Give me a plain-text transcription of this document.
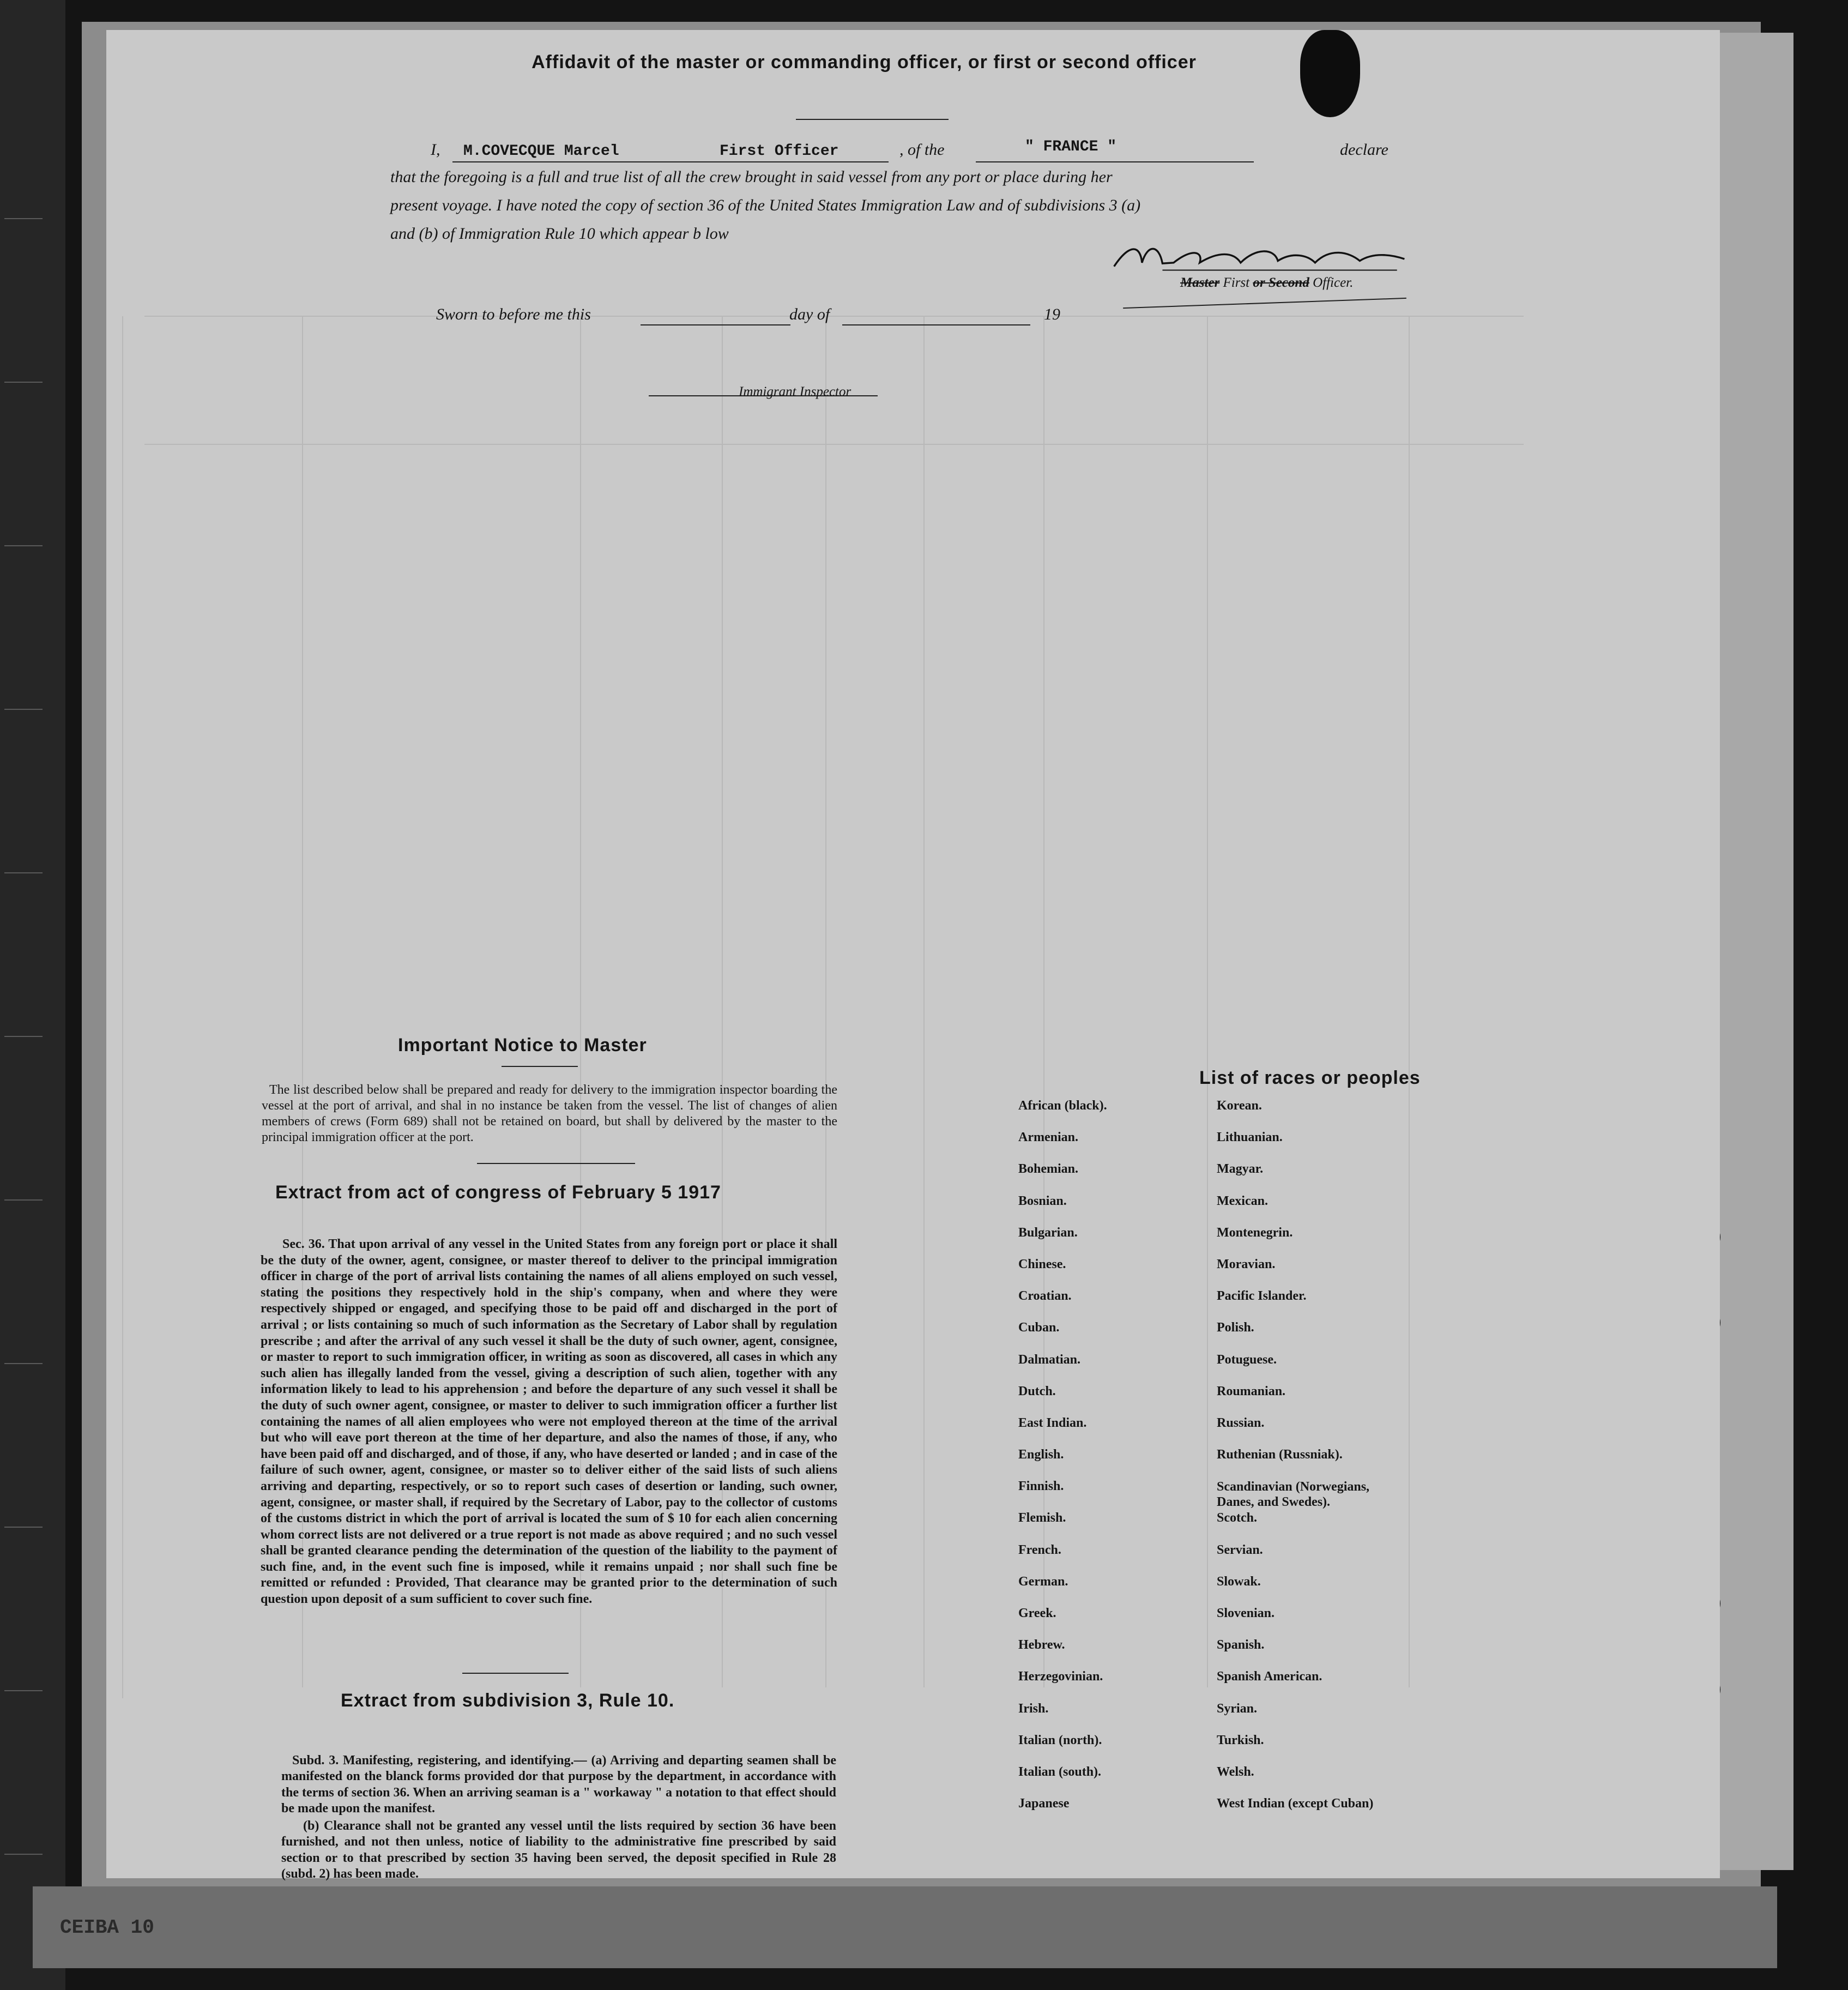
CEIBA 10
Affidavit of the master or commanding officer, or first or second officer
I, M.COVECQUE Marcel	First Officer	, of the	" FRANCE "	declare
that the foregoing is a full and true list of all the crew brought in said vessel from any port or place during her
present voyage. I have noted the copy of section 36 of the United States Immigration Law and of subdivisions 3 (a)
and (b) of Immigration Rule 10 which appear b low
Master First or Second Officer.
Sworn to before me this	day of	19
Immigrant Inspector
Important Notice to Master
The list described below shall be prepared and ready for delivery to the immigration inspector boarding the vessel at the port of arrival, and shal in no instance be taken from the vessel. The list of changes of alien members of crews (Form 689) shall not be retained on board, but shall by delivered by the master to the principal immigration officer at the port.
Extract from act of congress of February 5 1917
Sec. 36. That upon arrival of any vessel in the United States from any foreign port or place it shall be the duty of the owner, agent, consignee, or master thereof to deliver to the principal immigration officer in charge of the port of arrival lists containing the names of all aliens employed on such vessel, stating the positions they respectively hold in the ship's company, when and where they were respectively shipped or engaged, and specifying those to be paid off and discharged in the port of arrival ; or lists containing so much of such information as the Secretary of Labor shall by regulation prescribe ; and after the arrival of any such vessel it shall be the duty of such owner, agent, consignee, or master to report to such immigration officer, in writing as soon as discovered, all cases in which any such alien has illegally landed from the vessel, giving a description of such alien, together with any information likely to lead to his apprehension ; and before the departure of any such vessel it shall be the duty of such owner agent, consignee, or master to deliver to such immigration officer a further list containing the names of all alien employees who were not employed thereon at the time of the arrival but who will eave port thereon at the time of her departure, and also the names of those, if any, who have been paid off and discharged, and of those, if any, who have deserted or landed ; and in case of the failure of such owner, agent, consignee, or master so to deliver either of the said lists of such aliens arriving and departing, respectively, or so to report such cases of desertion or landing, such owner, agent, consignee, or master shall, if required by the Secretary of Labor, pay to the collector of customs of the customs district in which the port of arrival is located the sum of $ 10 for each alien concerning whom correct lists are not delivered or a true report is not made as above required ; and no such vessel shall be granted clearance pending the determination of the question of the liability to the payment of such fine, and, in the event such fine is imposed, while it remains unpaid ; nor shall such fine be remitted or refunded : Provided, That clearance may be granted prior to the determination of such question upon deposit of a sum sufficient to cover such fine.
Extract from subdivision 3, Rule 10.
Subd. 3. Manifesting, registering, and identifying.— (a) Arriving and departing seamen shall be manifested on the blanck forms provided dor that purpose by the department, in accordance with the terms of section 36. When an arriving seaman is a " workaway " a notation to that effect should be made upon the manifest.
(b) Clearance shall not be granted any vessel until the lists required by section 36 have been furnished, and not then unless, notice of liability to the administrative fine prescribed by said section or to that prescribed by section 35 having been served, the deposit specified in Rule 28 (subd. 2) has been made.
List of races or peoples
African (black).	Korean.
Armenian.	Lithuanian.
Bohemian.	Magyar.
Bosnian.	Mexican.
Bulgarian.	Montenegrin.
Chinese.	Moravian.
Croatian.	Pacific Islander.
Cuban.	Polish.
Dalmatian.	Potuguese.
Dutch.	Roumanian.
East Indian.	Russian.
English.	Ruthenian (Russniak).
Finnish.	Scandinavian (Norwegians, Danes, and Swedes).
Flemish.	Scotch.
French.	Servian.
German.	Slowak.
Greek.	Slovenian.
Hebrew.	Spanish.
Herzegovinian.	Spanish American.
Irish.	Syrian.
Italian (north).	Turkish.
Italian (south).	Welsh.
Japanese	West Indian (except Cuban)
